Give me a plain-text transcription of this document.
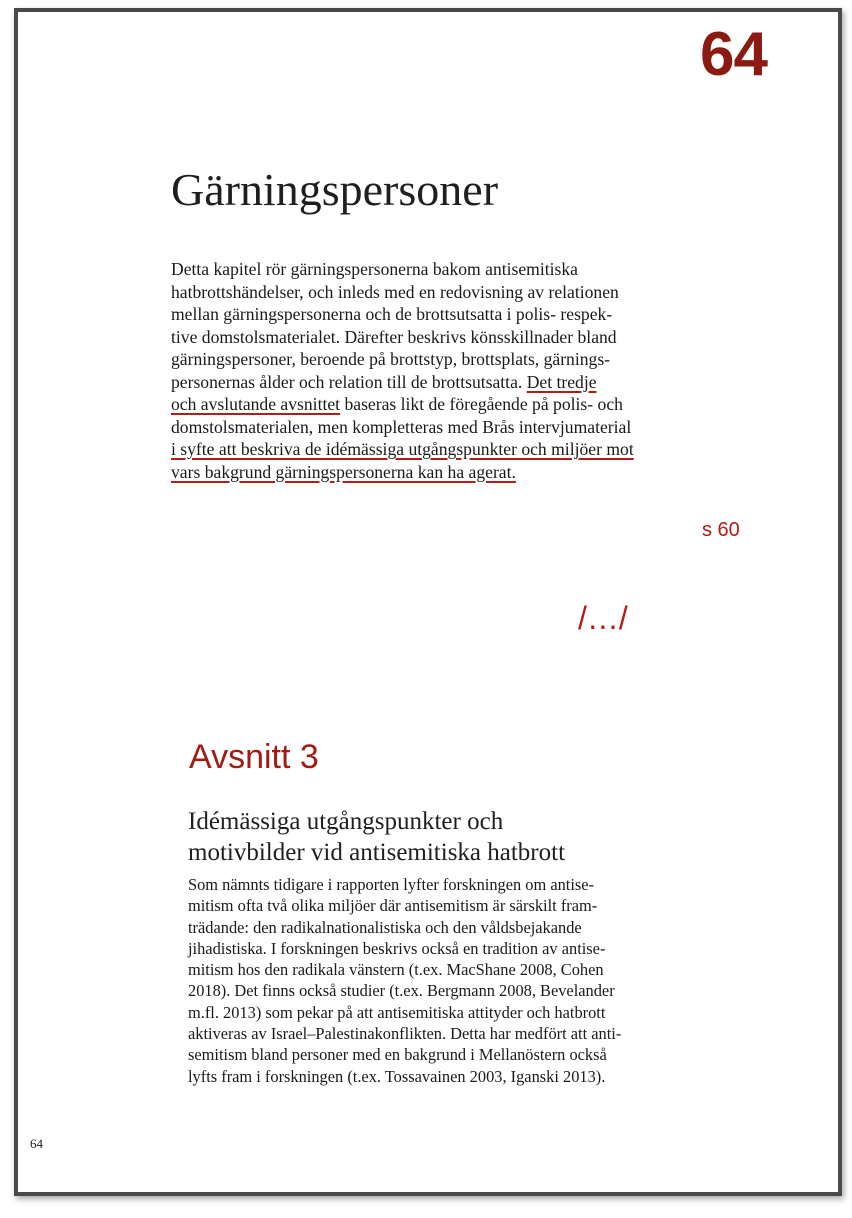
64
Gärningspersoner

Detta kapitel rör gärningspersonerna bakom antisemitiska
hatbrottshändelser, och inleds med en redovisning av relationen
mellan gärningspersonerna och de brottsutsatta i polis- respek-
tive domstolsmaterialet. Därefter beskrivs könsskillnader bland
gärningspersoner, beroende på brottstyp, brottsplats, gärnings-
personernas ålder och relation till de brottsutsatta. Det tredje
och avslutande avsnittet baseras likt de föregående på polis- och
domstolsmaterialen, men kompletteras med Brås intervjumaterial
i syfte att beskriva de idémässiga utgångspunkter och miljöer mot
vars bakgrund gärningspersonerna kan ha agerat.

s 60
/…/
Avsnitt 3
Idémässiga utgångspunkter och
motivbilder vid antisemitiska hatbrott

Som nämnts tidigare i rapporten lyfter forskningen om antise-
mitism ofta två olika miljöer där antisemitism är särskilt fram-
trädande: den radikalnationalistiska och den våldsbejakande
jihadistiska. I forskningen beskrivs också en tradition av antise-
mitism hos den radikala vänstern (t.ex. MacShane 2008, Cohen
2018). Det finns också studier (t.ex. Bergmann 2008, Bevelander
m.fl. 2013) som pekar på att antisemitiska attityder och hatbrott
aktiveras av Israel–Palestinakonflikten. Detta har medfört att anti-
semitism bland personer med en bakgrund i Mellanöstern också
lyfts fram i forskningen (t.ex. Tossavainen 2003, Iganski 2013).

64
